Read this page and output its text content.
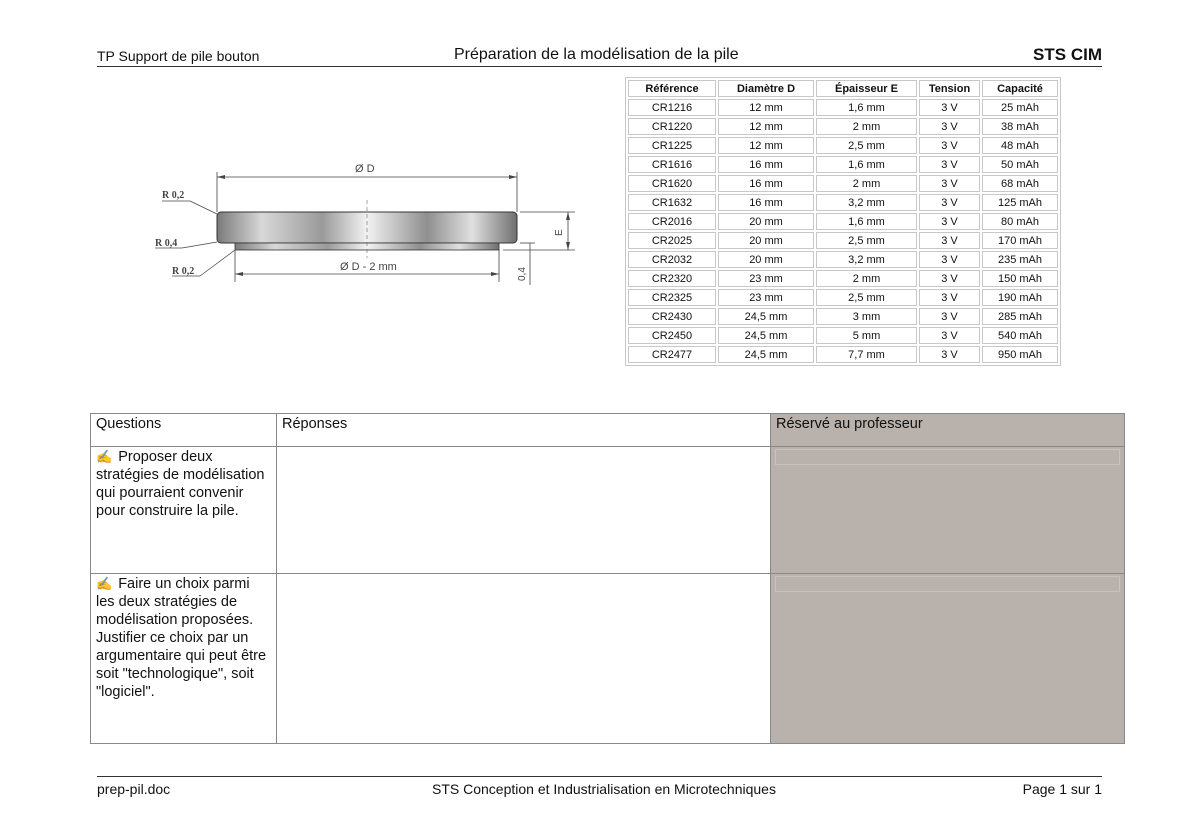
TP Support de pile bouton	Préparation de la modélisation de la pile	STS CIM
Ø D
Ø D - 2 mm
E
0,4
R 0,2
R 0,4
R 0,2
Référence	Diamètre D	Épaisseur E	Tension	Capacité
CR1216	12 mm	1,6 mm	3 V	25 mAh
CR1220	12 mm	2 mm	3 V	38 mAh
CR1225	12 mm	2,5 mm	3 V	48 mAh
CR1616	16 mm	1,6 mm	3 V	50 mAh
CR1620	16 mm	2 mm	3 V	68 mAh
CR1632	16 mm	3,2 mm	3 V	125 mAh
CR2016	20 mm	1,6 mm	3 V	80 mAh
CR2025	20 mm	2,5 mm	3 V	170 mAh
CR2032	20 mm	3,2 mm	3 V	235 mAh
CR2320	23 mm	2 mm	3 V	150 mAh
CR2325	23 mm	2,5 mm	3 V	190 mAh
CR2430	24,5 mm	3 mm	3 V	285 mAh
CR2450	24,5 mm	5 mm	3 V	540 mAh
CR2477	24,5 mm	7,7 mm	3 V	950 mAh
Questions	Réponses	Réservé au professeur

✍ Proposer deux stratégies de modélisation qui pourraient convenir pour construire la pile.		

✍ Faire un choix parmi les deux stratégies de modélisation proposées. Justifier ce choix par un argumentaire qui peut être soit "technologique", soit "logiciel".		
prep-pil.doc	STS Conception et Industrialisation en Microtechniques	Page 1 sur 1
